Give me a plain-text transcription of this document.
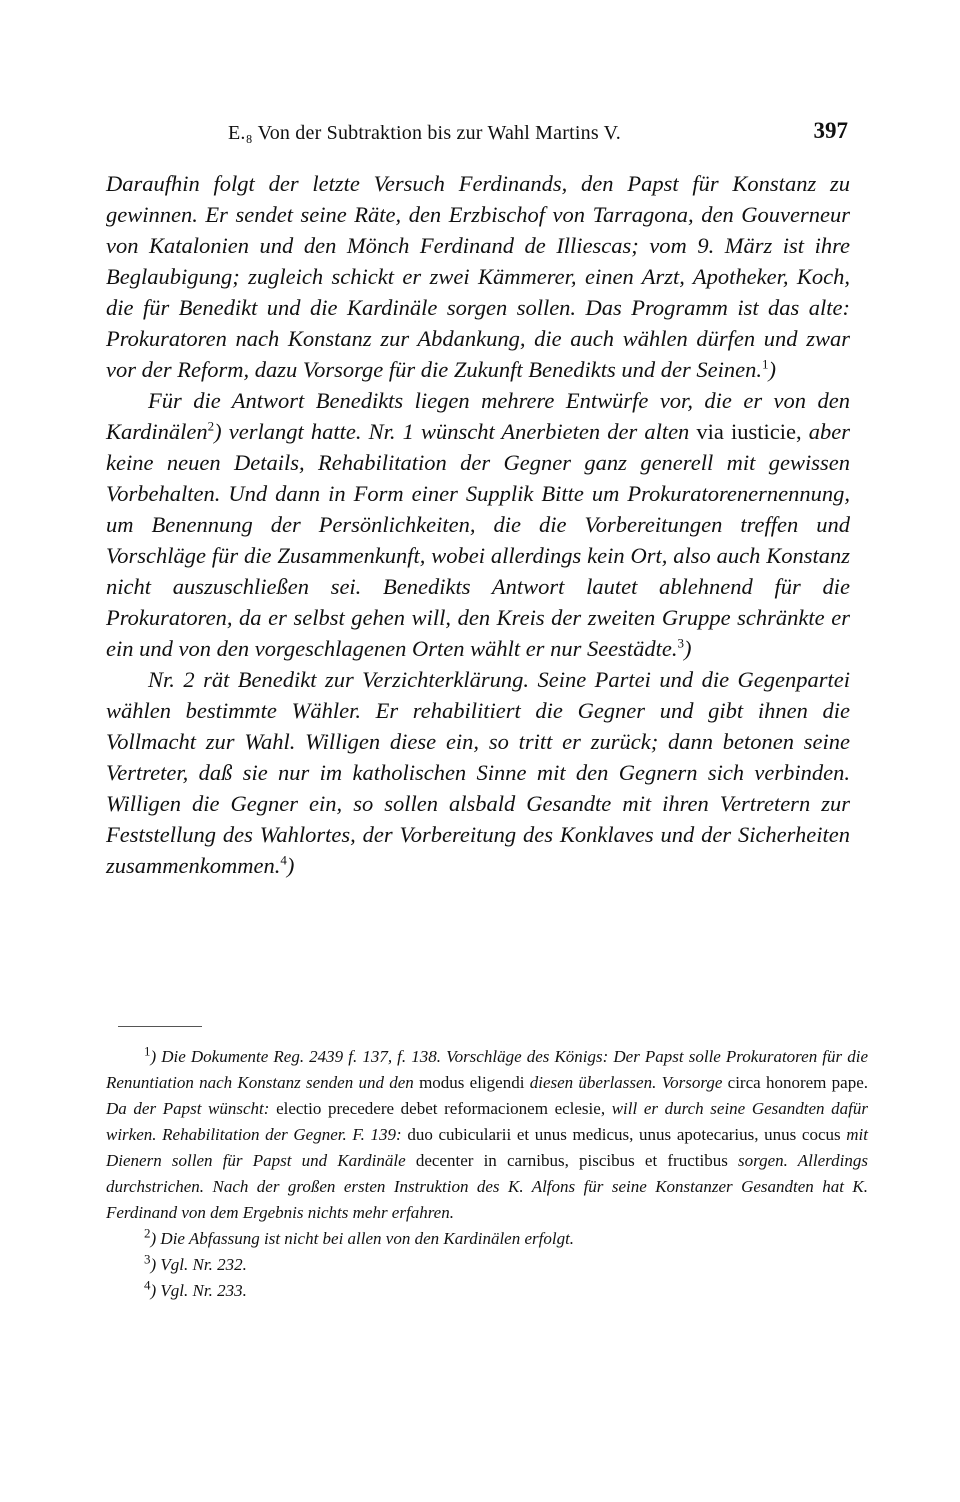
E.₈ Von der Subtraktion bis zur Wahl Martins V.	397

Daraufhin folgt der letzte Versuch Ferdinands, den Papst für Konstanz zu gewinnen. Er sendet seine Räte, den Erzbischof von Tarragona, den Gouverneur von Katalonien und den Mönch Ferdinand de Illiescas; vom 9. März ist ihre Beglaubigung; zugleich schickt er zwei Kämmerer, einen Arzt, Apotheker, Koch, die für Benedikt und die Kardinäle sorgen sollen. Das Programm ist das alte: Prokuratoren nach Konstanz zur Abdankung, die auch wählen dürfen und zwar vor der Reform, dazu Vorsorge für die Zukunft Benedikts und der Seinen.$^1$)

Für die Antwort Benedikts liegen mehrere Entwürfe vor, die er von den Kardinälen$^2$) verlangt hatte. Nr. 1 wünscht Anerbieten der alten via iusticie, aber keine neuen Details, Rehabilitation der Gegner ganz generell mit gewissen Vorbehalten. Und dann in Form einer Supplik Bitte um Prokuratorenernennung, um Benennung der Persönlichkeiten, die die Vorbereitungen treffen und Vorschläge für die Zusammenkunft, wobei allerdings kein Ort, also auch Konstanz nicht auszuschließen sei. Benedikts Antwort lautet ablehnend für die Prokuratoren, da er selbst gehen will, den Kreis der zweiten Gruppe schränkte er ein und von den vorgeschlagenen Orten wählt er nur Seestädte.$^3$)

Nr. 2 rät Benedikt zur Verzichterklärung. Seine Partei und die Gegenpartei wählen bestimmte Wähler. Er rehabilitiert die Gegner und gibt ihnen die Vollmacht zur Wahl. Willigen diese ein, so tritt er zurück; dann betonen seine Vertreter, daß sie nur im katholischen Sinne mit den Gegnern sich verbinden. Willigen die Gegner ein, so sollen alsbald Gesandte mit ihren Vertretern zur Feststellung des Wahlortes, der Vorbereitung des Konklaves und der Sicherheiten zusammenkommen.$^4$)

$^1$) Die Dokumente Reg. 2439 f. 137, f. 138. Vorschläge des Königs: Der Papst solle Prokuratoren für die Renuntiation nach Konstanz senden und den modus eligendi diesen überlassen. Vorsorge circa honorem pape. Da der Papst wünscht: electio precedere debet reformacionem eclesie, will er durch seine Gesandten dafür wirken. Rehabilitation der Gegner. F. 139: duo cubicularii et unus medicus, unus apotecarius, unus cocus mit Dienern sollen für Papst und Kardinäle decenter in carnibus, piscibus et fructibus sorgen. Allerdings durchstrichen. Nach der großen ersten Instruktion des K. Alfons für seine Konstanzer Gesandten hat K. Ferdinand von dem Ergebnis nichts mehr erfahren.

$^2$) Die Abfassung ist nicht bei allen von den Kardinälen erfolgt.

$^3$) Vgl. Nr. 232.

$^4$) Vgl. Nr. 233.
